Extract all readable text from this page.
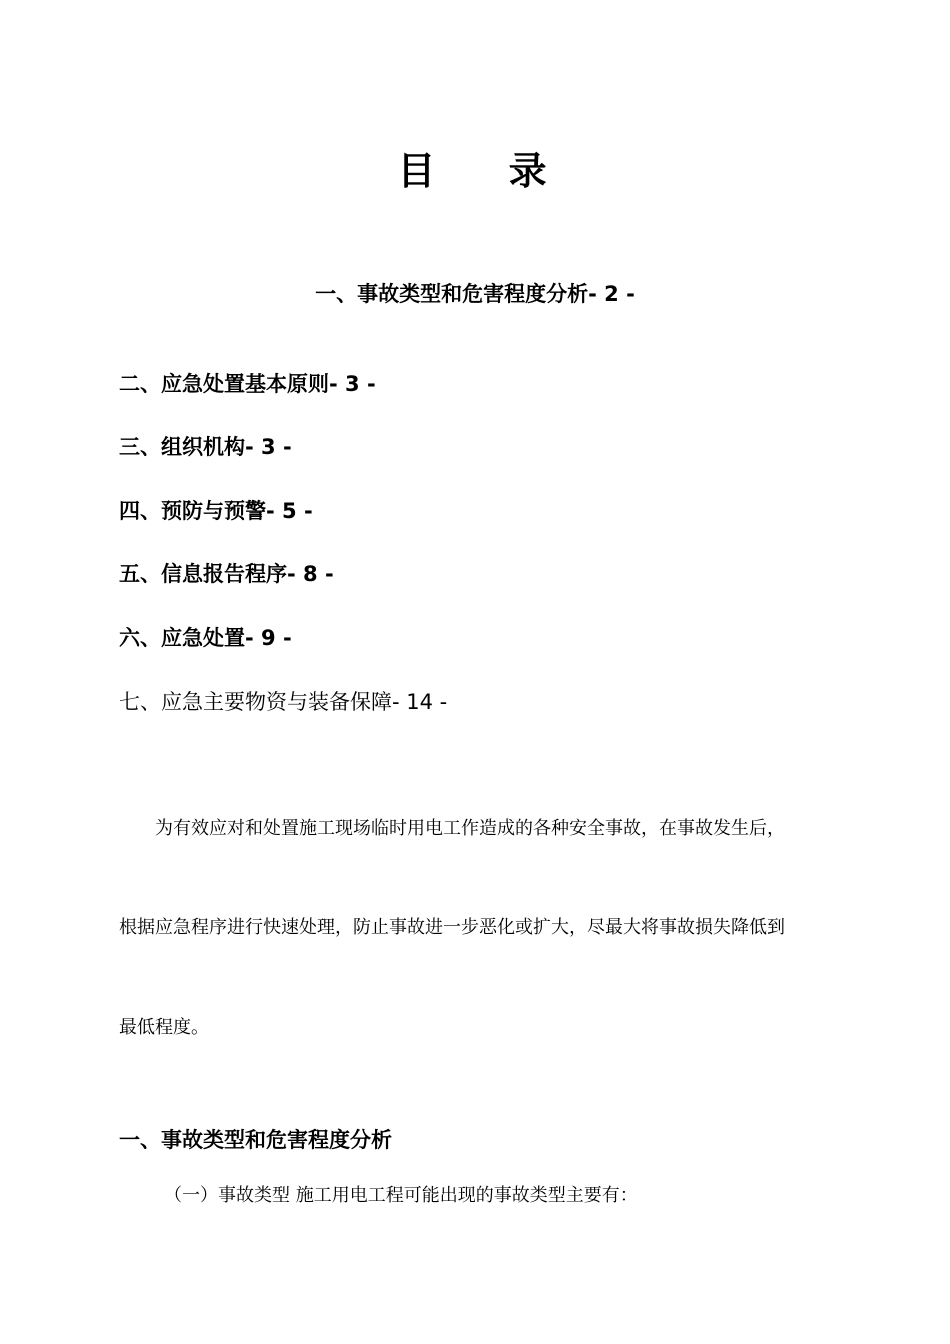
目 录
一、事故类型和危害程度分析- 2 -
二、应急处置基本原则- 3 -
三、组织机构- 3 -
四、预防与预警- 5 -
五、信息报告程序- 8 -
六、应急处置- 9 -
七、应急主要物资与装备保障- 14 -
为有效应对和处置施工现场临时用电工作造成的各种安全事故，在事故发生后，
根据应急程序进行快速处理，防止事故进一步恶化或扩大，尽最大将事故损失降低到
最低程度。
一、事故类型和危害程度分析
（一）事故类型 施工用电工程可能出现的事故类型主要有：
